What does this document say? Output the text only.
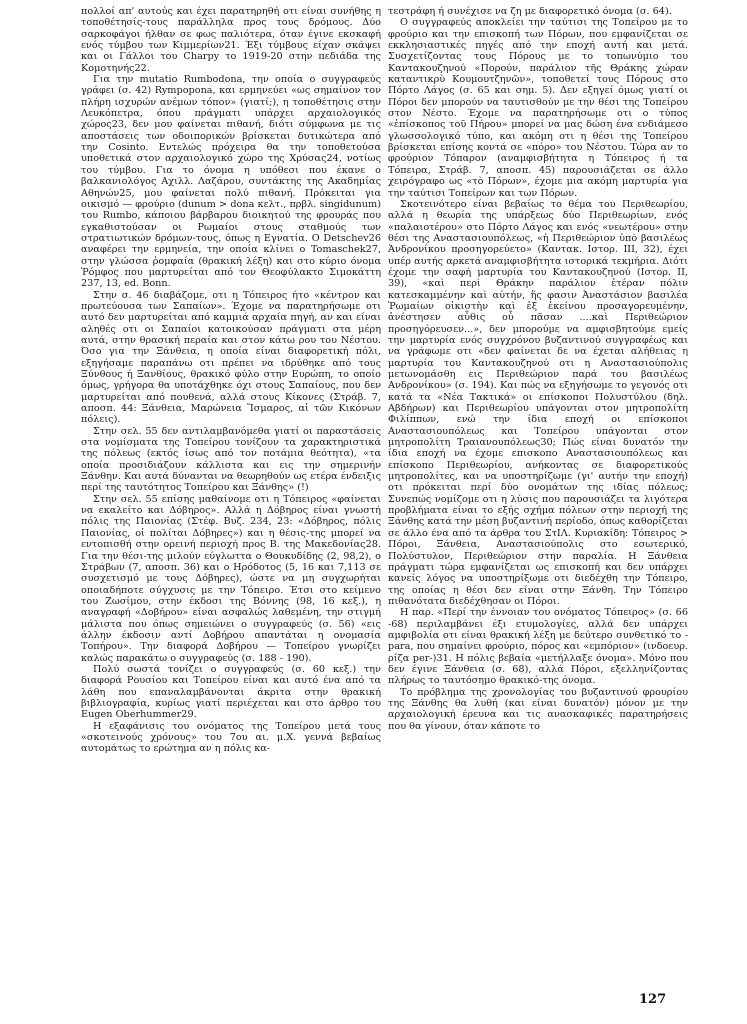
πολλοί απ' αυτούς και έχει παρατηρηθή οτι είναι συνήθης η τοποθέτησίς-τους παράλληλα προς τους δρόμους. Δύο σαρκοφάγοι ήλθαν σε φως παλιότερα, όταν έγινε εκσκαφή ενός τύμβου των Κιμμερίων21. Έξι τύμβους είχαν σκάψει και οι Γάλλοι του Charpy το 1919-20 στην πεδιάδα της Κομοτηνής22.

Για την mutatio Rumbodona, την οποία ο συγγραφεύς γράφει (σ. 42) Rympopona, και ερμηνεύει «ως σημαίνον τον πλήρη ισχυρών ανέμων τόπον» (γιατί;), η τοποθέτησις στην Λευκόπετρα, όπου πράγματι υπάρχει αρχαιολογικός χώρος23, δεν μου φαίνεται πιθανή, διότι σύμφωνα με τις αποστάσεις των οδοιπορικών βρίσκεται δυτικώτερα από την Cosinto. Εντελώς πρόχειρα θα την τοποθετούσα υποθετικά στον αρχαιολογικό χώρο της Χρύσας24, νοτίως του τύμβου. Για το όνομα η υπόθεσι που έκανε ο βαλκανιολόγος Αχιλλ. Λαζάρου, συντάκτης της Ακαδημίας Αθηνών25, μου φαίνεται πολύ πιθανή. Πρόκειται για οικισμό — φρούριο (dunum > dona κελτ., πρβλ. singidunum) του Rumbo, κάποιου βάρβαρου διοικητού της φρουράς που εγκαθιστούσαν οι Ρωμαίοι στους σταθμούς των στρατιωτικών δρόμων-τους, όπως η Εγνατία. Ο Detschev26 αναφέρει την ερμηνεία, την οποία κλίνει ο Tomaschek27, στην γλώσσα ῥομφαία (θρακική λέξη) και στο κύριο όνομα Ῥόμφος που μαρτυρείται από τον Θεοφύλακτο Σιμοκάττη 237, 13, ed. Bonn.

Στην σ. 46 διαβάζομε, οτι η Τόπειρος ήτο «κέντρον και πρωτεύουσα των Σαπαίων». Έχομε να παρατηρήσωμε οτι αυτό δεν μαρτυρείται από καμμιά αρχαία πηγή, αν και είναι αληθές οτι οι Σαπαίοι κατοικούσαν πράγματι στα μέρη αυτά, στην θρασική περαία και στον κάτω ρου του Νέστου. Όσο για την Ξάνθεια, η οποία είναι διαφορετική πόλι, εξηγήσαμε παραπάνω οτι πρέπει να ιδρύθηκε από τους Ξύνθους ή Ξανθίους, θρακικό φύλο στην Ευρώπη, το οποίο όμως, γρήγορα θα υποτάχθηκε όχι στους Σαπαίους, που δεν μαρτυρείται από πουθενά, αλλά στους Κίκονες (Στράβ. 7, αποσπ. 44: Ξάνθεια, Μαρώνεια Ἴσμαρος, αἱ τῶν Κικόνων πόλεις).

Στην σελ. 55 δεν αντιλαμβανόμεθα γιατί οι παραστάσεις στα νομίσματα της Τοπείρου τονίζουν τα χαρακτηριστικά της πόλεως (εκτός ίσως από τον ποτάμια θεότητα), «τα οποία προσιδιάζουν κάλλιστα και εις την σημερινήν Ξάνθην. Και αυτά δύνανται να θεωρηθούν ως ετέρα ένδειξις περί της ταυτότητος Τοπείρου και Ξάνθης» (!)

Στην σελ. 55 επίσης μαθαίνομε οτι η Τόπειρος «φαίνεται να εκαλείτο και Δόβηρος». Αλλά η Δόβηρος είναι γνωστή πόλις της Παιονίας (Στέφ. Βυζ. 234, 23: «Δόβηρος, πόλις Παιονίας, οἱ πολίται Δόβηρες») και η θέσις-της μπορεί να εντοπισθή στην ορεινή περιοχή προς Β. της Μακεδονίας28. Για την θέσι-της μιλούν εύγλωττα ο Θουκυδίδης (2, 98,2), ο Στράβων (7, αποσπ. 36) και ο Ηρόδοτος (5, 16 και 7,113 σε συσχετισμό με τους Δόβηρες), ώστε να μη συγχωρήται οποιαδήποτε σύγχυσις με την Τόπειρο. Έτσι στο κείμενο του Ζωσίμου, στην έκδοσι της Βόννης (98, 16 κεξ.), η αναγραφή «Δοβήρου» είναι ασφαλώς λαθεμένη, την στιγμή μάλιστα που όπως σημειώνει ο συγγραφεύς (σ. 56) «εις άλλην έκδοσιν αντί Δοβήρου απαντάται η ονομασία Τοπήρου». Την διαφορά Δοβήρου — Τοπείρου γνωρίζει καλώς παρακάτω ο συγγραφεύς (σ. 188 - 190).

Πολύ σωστά τονίζει ο συγγραφεύς (σ. 60 κεξ.) την διαφορά Ρουσίου και Τοπείρου είναι και αυτό ένα από τα λάθη που επαναλαμβάνονται άκριτα στην θρακική βιβλιογραφία, κυρίως γιατί περιέχεται και στο άρθρο του Eugen Oberhummer29.

Η εξαφάνισις του ονόματος της Τοπείρου μετά τους «σκοτεινούς χρόνους» του 7ου αι. μ.Χ. γεννά βεβαίως αυτομάτως το ερώτημα αν η πόλις κα-

τεστράφη ή συνέχισε να ζη με διαφορετικό όνομα (σ. 64).

Ο συγγραφεύς αποκλείει την ταύτισι της Τοπείρου με το φρούριο και την επισκοπή των Πόρων, που εμφανίζεται σε εκκλησιαστικές πηγές από την εποχή αυτή και μετά. Συσχετίζοντας τους Πόρους με το τοπωνύμιο του Καντακουζηνού «Πορούν, παράλιον τῆς Θράκης χώραν καταντικρὺ Κουμουτζηνῶν», τοποθετεί τους Πόρους στο Πόρτο Λάγος (σ. 65 και σημ. 5). Δεν εξηγεί όμως γιατί οι Πόροι δεν μπορούν να ταυτισθούν με την θέσι της Τοπείρου στον Νέστο. Έχομε να παρατηρήσωμε οτι ο τύπος «ἐπίσκοπος τοῦ Πήρου» μπορεί να μας δώση ένα ενδιάμεσο γλωσσολογικό τύπο, και ακόμη οτι η θέσι της Τοπείρου βρίσκεται επίσης κοντά σε «πόρο» του Νέστου. Τώρα αν το φρούριον Τόπαρον (αναμφισβήτητα η Τόπειρος ή τα Τόπειρα, Στράβ. 7, αποσπ. 45) παρουσιάζεται σε άλλο χειρόγραφο ως «τὸ Πόρων», έχομε μια ακόμη μαρτυρία για την ταύτισι Τοπείρων και των Πόρων.

Σκοτεινότερο είναι βεβαίως το θέμα του Περιθεωρίου, αλλά η θεωρία της υπάρξεως δύο Περιθεωρίων, ενός «παλαιοτέρου» στο Πόρτο Λάγος και ενός «νεωτέρου» στην θέσι της Αναστασιουπόλεως, «ἡ Περιθεώριον ὑπὸ βασιλέως Ἀνδρονίκου προσηγορεύετο» (Καντακ. Ιστορ. ΙΙΙ, 32), έχει υπέρ αυτής αρκετά αναμφισβήτητα ιστορικά τεκμήρια. Διότι έχομε την σαφή μαρτυρία του Καντακουζηνού (Ιστορ. ΙΙ, 39), «καὶ περὶ Θράκην παράλιον ἐτέραν πόλιν κατεσκαμμένην καὶ αὐτήν, ἥς φασιν Ἀναστάσιον βασιλέα Ῥωμαίων οἰκιστὴν καὶ ἐξ ἐκείνου προσαγορευμένην, ἀνέστησεν αὖθις οὖ πᾶσαν ....καὶ Περιθεώριον προσηγόρευσεν...», δεν μπορούμε να αμφισβητούμε εμείς την μαρτυρία ενός συγχρόνου βυζαντινού συγγραφέως και να γράφωμε οτι «δεν φαίνεται δε να έχεται αλήθειας η μαρτυρία του Καντακουζηνού οτι η Αναστασιούπολις μετωνομάσθη εις Περιθεώριον παρά του βασιλέως Ανδρονίκου» (σ. 194). Και πώς να εξηγήσωμε το γεγονός οτι κατά τα «Νέα Τακτικά» οι επίσκοποι Πολυστύλου (δηλ. Αβδήρων) και Περιθεωρίου υπάγονται στον μητροπολίτη Φιλίππων, ενώ την ίδια εποχή οι επίσκοποι Αναστασιουπόλεως και Τοπείρου υπάγονται στον μητροπολίτη Τραιανουπόλεως30; Πώς είναι δυνατόν την ίδια εποχή να έχομε επισκοπο Αναστασιουπόλεως και επίσκοπο Περιθεωρίου, ανήκοντας σε διαφορετικούς μητροπολίτες, και να υποστηρίζωμε (γι' αυτήν την εποχή) οτι πρόκειται περί δύο ονομάτων της ιδίας πόλεως; Συνεπώς νομίζομε οτι η λύσις που παρουσιάζει τα λιγότερα προβλήματα είναι το εξής σχήμα πόλεων στην περιοχή της Ξάνθης κατά την μέση βυζαντινή περίοδο, όπως καθορίζεται σε άλλο ένα από τα άρθρα του ΣτΙΛ. Κυριακίδη: Τόπειρος > Πόροι, Ξάνθεια, Αναστασιούπολις στο εσωτερικό, Πολύστυλον, Περιθεώριον στην παραλία. Η Ξάνθεια πράγματι τώρα εμφανίζεται ως επισκοπή και δεν υπάρχει κανείς λόγος να υποστηρίξωμε οτι διεδέχθη την Τόπειρο, της οποίας η θέσι δεν είναι στην Ξάνθη. Την Τόπειρο πιθανότατα διεδέχθησαν οι Πόροι.

Η παρ. «Περί την έννοιαν του ονόματος Τόπειρος» (σ. 66 -68) περιλαμβάνει έξι ετυμολογίες, αλλά δεν υπάρχει αμφιβολία οτι είναι θρακική λέξη με δεύτερο συνθετικό το -para, που σημαίνει φρούριο, πόρος και «εμπόριον» (ινδοευρ. ρίζα per-)31. Η πόλις βεβαία «μετήλλαξε όνομα». Μόνο που δεν έγινε Ξάνθεια (σ. 68), αλλά Πόροι, εξελληνίζοντας πλήρως το ταυτόσημο θρακικό-της όνομα.

Το πρόβλημα της χρονολογίας του βυζαντινού φρουρίου της Ξάνθης θα λυθή (και είναι δυνατόν) μόνον με την αρχαιολογική έρευνα και τις ανασκαφικές παρατηρήσεις που θα γίνουν, όταν κάποτε το

127
